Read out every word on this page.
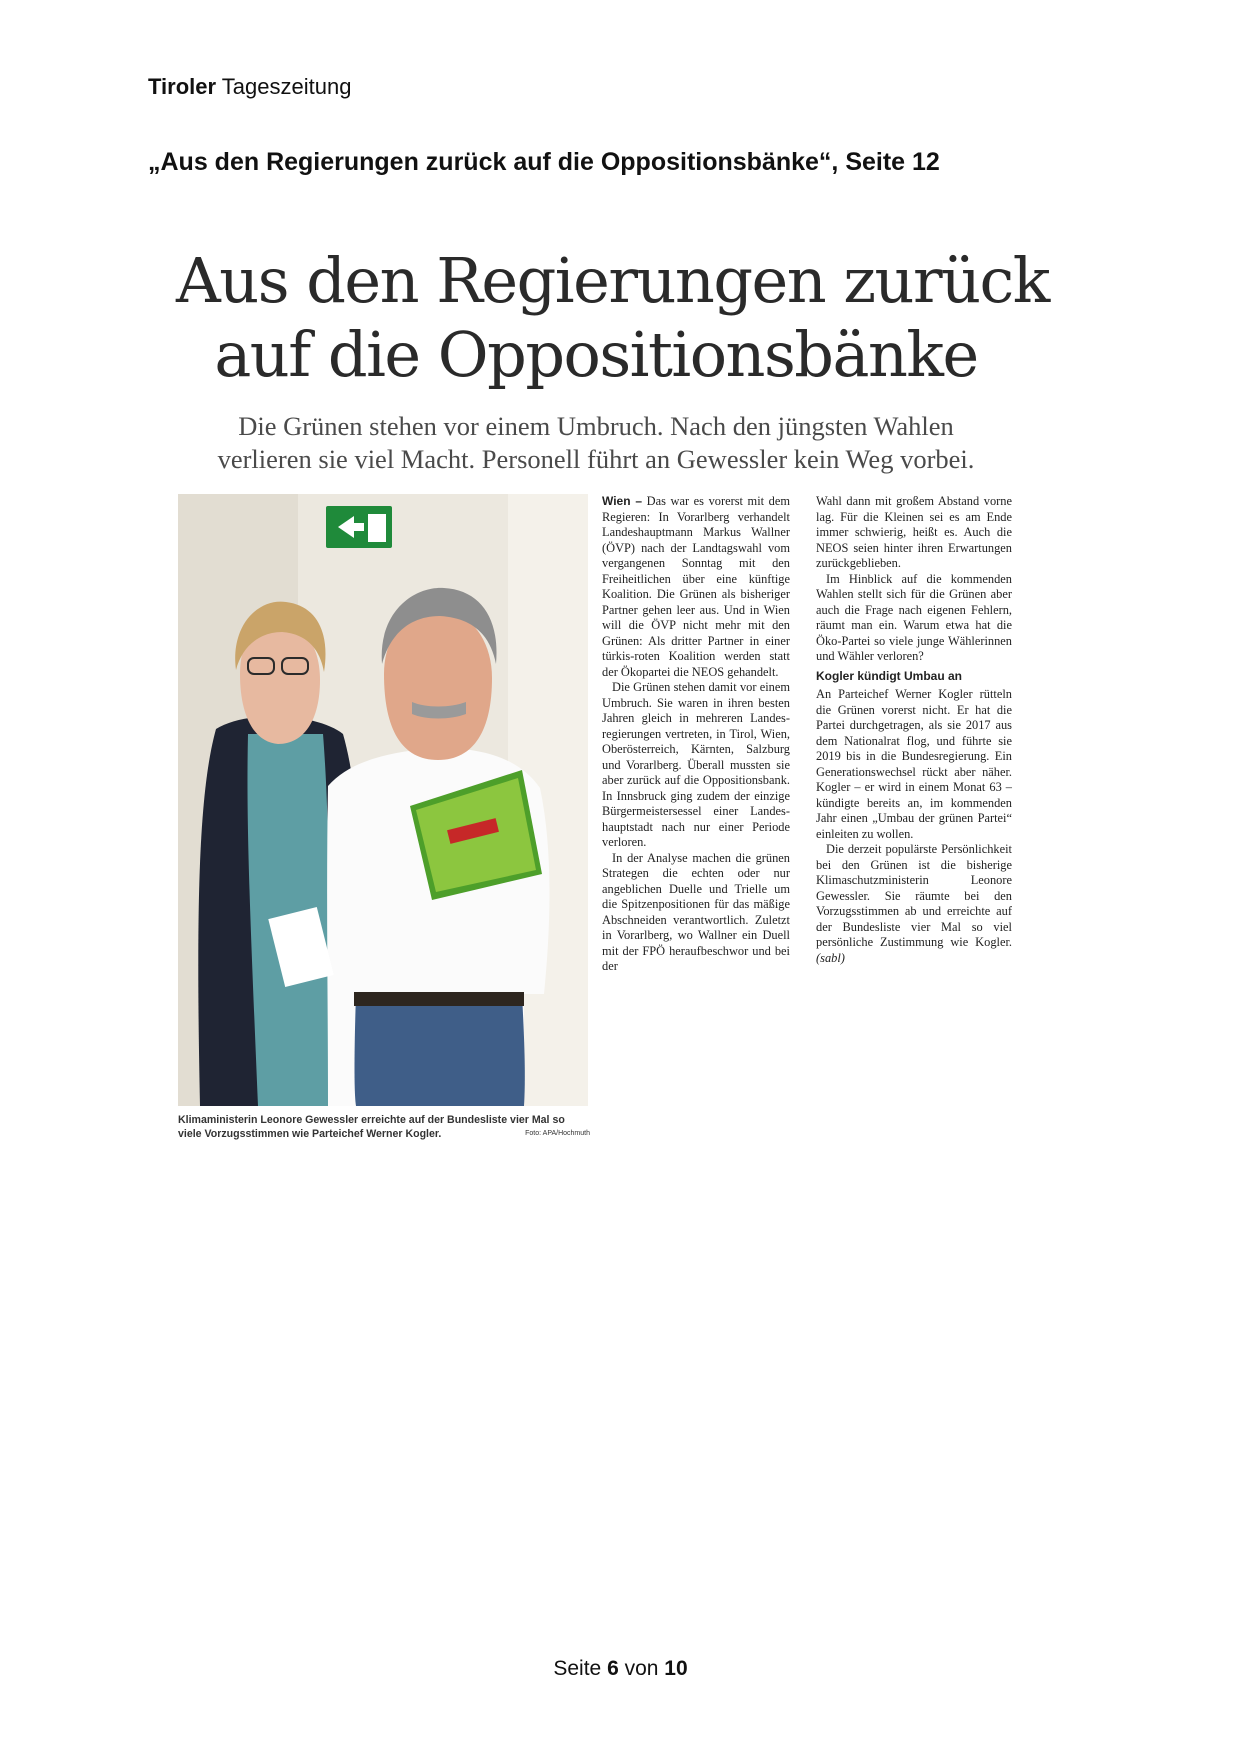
Tiroler Tageszeitung
„Aus den Regierungen zurück auf die Oppositionsbänke“, Seite 12
Aus den Regierungen zurück
auf die Oppositionsbänke
Die Grünen stehen vor einem Umbruch. Nach den jüngsten Wahlen
verlieren sie viel Macht. Personell führt an Gewessler kein Weg vorbei.
Klimaministerin Leonore Gewessler erreichte auf der Bundesliste vier Mal so viele Vorzugsstimmen wie Parteichef Werner Kogler.	Foto: APA/Hochmuth

Wien – Das war es vorerst mit dem Regieren: In Vorarlberg verhandelt Landeshauptmann Markus Wallner (ÖVP) nach der Landtagswahl vom vergangenen Sonntag mit den Freiheitlichen über eine künftige Koalition. Die Grünen als bisheriger Partner gehen leer aus. Und in Wien will die ÖVP nicht mehr mit den Grünen: Als dritter Partner in einer türkis-roten Koalition werden statt der Ökopartei die NEOS gehandelt.

Die Grünen stehen damit vor einem Umbruch. Sie waren in ihren besten Jahren gleich in mehreren Landesregierungen vertreten, in Tirol, Wien, Oberösterreich, Kärnten, Salzburg und Vorarlberg. Überall mussten sie aber zurück auf die Oppositionsbank. In Innsbruck ging zudem der einzige Bürgermeistersessel einer Landeshauptstadt nach nur einer Periode verloren.

In der Analyse machen die grünen Strategen die echten oder nur angeblichen Duelle und Trielle um die Spitzenpositionen für das mäßige Abschneiden verantwortlich. Zuletzt in Vorarlberg, wo Wallner ein Duell mit der FPÖ heraufbeschwor und bei der

Wahl dann mit großem Abstand vorne lag. Für die Kleinen sei es am Ende immer schwierig, heißt es. Auch die NEOS seien hinter ihren Erwartungen zurückgeblieben.

Im Hinblick auf die kommenden Wahlen stellt sich für die Grünen aber auch die Frage nach eigenen Fehlern, räumt man ein. Warum etwa hat die Öko-Partei so viele junge Wählerinnen und Wähler verloren?

Kogler kündigt Umbau an

An Parteichef Werner Kogler rütteln die Grünen vorerst nicht. Er hat die Partei durchgetragen, als sie 2017 aus dem Nationalrat flog, und führte sie 2019 bis in die Bundesregierung. Ein Generationswechsel rückt aber näher. Kogler – er wird in einem Monat 63 – kündigte bereits an, im kommenden Jahr einen „Umbau der grünen Partei“ einleiten zu wollen.

Die derzeit populärste Persönlichkeit bei den Grünen ist die bisherige Klimaschutzministerin Leonore Gewessler. Sie räumte bei den Vorzugsstimmen ab und erreichte auf der Bundesliste vier Mal so viel persönliche Zustimmung wie Kogler. (sabl)

Seite 6 von 10
